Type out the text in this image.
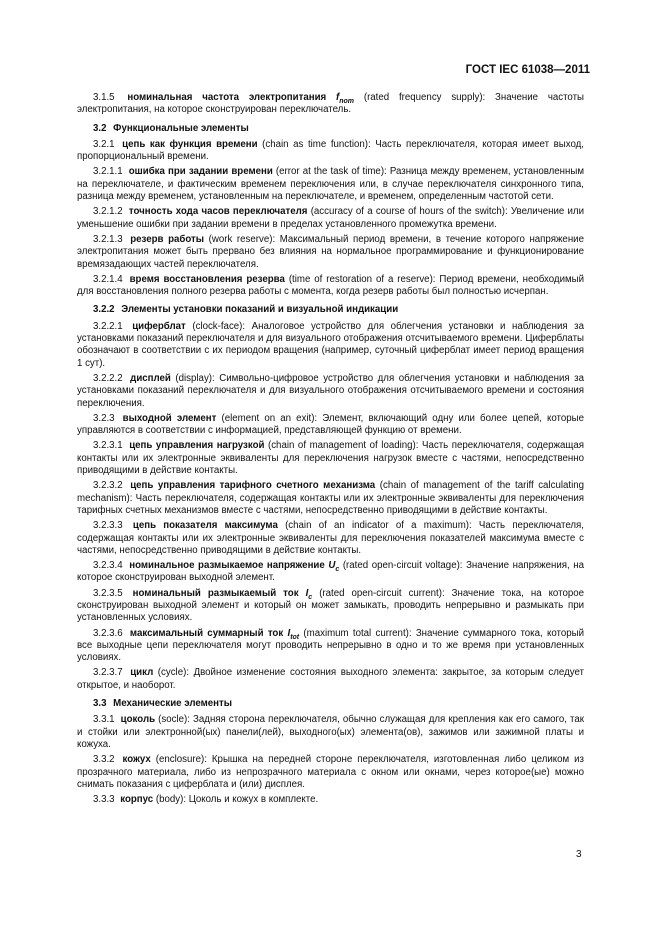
ГОСТ IEC 61038—2011

3.1.5 номинальная частота электропитания $f_{nom}$ (rated frequency supply): Значение частоты электропитания, на которое сконструирован переключатель.

3.2 Функциональные элементы

3.2.1 цепь как функция времени (chain as time function): Часть переключателя, которая имеет выход, пропорциональный времени.

3.2.1.1 ошибка при задании времени (error at the task of time): Разница между временем, установленным на переключателе, и фактическим временем переключения или, в случае переключателя синхронного типа, разница между временем, установленным на переключателе, и временем, определенным частотой сети.

3.2.1.2 точность хода часов переключателя (accuracy of a course of hours of the switch): Увеличение или уменьшение ошибки при задании времени в пределах установленного промежутка времени.

3.2.1.3 резерв работы (work reserve): Максимальный период времени, в течение которого напряжение электропитания может быть прервано без влияния на нормальное программирование и функционирование времязадающих частей переключателя.

3.2.1.4 время восстановления резерва (time of restoration of a reserve): Период времени, необходимый для восстановления полного резерва работы с момента, когда резерв работы был полностью исчерпан.

3.2.2 Элементы установки показаний и визуальной индикации

3.2.2.1 циферблат (clock-face): Аналоговое устройство для облегчения установки и наблюдения за установками показаний переключателя и для визуального отображения отсчитываемого времени. Циферблаты обозначают в соответствии с их периодом вращения (например, суточный циферблат имеет период вращения 1 сут).

3.2.2.2 дисплей (display): Символьно-цифровое устройство для облегчения установки и наблюдения за установками показаний переключателя и для визуального отображения отсчитываемого времени и состояния переключения.

3.2.3 выходной элемент (element on an exit): Элемент, включающий одну или более цепей, которые управляются в соответствии с информацией, представляющей функцию от времени.

3.2.3.1 цепь управления нагрузкой (chain of management of loading): Часть переключателя, содержащая контакты или их электронные эквиваленты для переключения нагрузок вместе с частями, непосредственно приводящими в действие контакты.

3.2.3.2 цепь управления тарифного счетного механизма (chain of management of the tariff calculating mechanism): Часть переключателя, содержащая контакты или их электронные эквиваленты для переключения тарифных счетных механизмов вместе с частями, непосредственно приводящими в действие контакты.

3.2.3.3 цепь показателя максимума (chain of an indicator of a maximum): Часть переключателя, содержащая контакты или их электронные эквиваленты для переключения показателей максимума вместе с частями, непосредственно приводящими в действие контакты.

3.2.3.4 номинальное размыкаемое напряжение $U_c$ (rated open-circuit voltage): Значение напряжения, на которое сконструирован выходной элемент.

3.2.3.5 номинальный размыкаемый ток $I_c$ (rated open-circuit current): Значение тока, на которое сконструирован выходной элемент и который он может замыкать, проводить непрерывно и размыкать при установленных условиях.

3.2.3.6 максимальный суммарный ток $I_{tot}$ (maximum total current): Значение суммарного тока, который все выходные цепи переключателя могут проводить непрерывно в одно и то же время при установленных условиях.

3.2.3.7 цикл (cycle): Двойное изменение состояния выходного элемента: закрытое, за которым следует открытое, и наоборот.

3.3 Механические элементы

3.3.1 цоколь (socle): Задняя сторона переключателя, обычно служащая для крепления как его самого, так и стойки или электронной(ых) панели(лей), выходного(ых) элемента(ов), зажимов или зажимной платы и кожуха.

3.3.2 кожух (enclosure): Крышка на передней стороне переключателя, изготовленная либо целиком из прозрачного материала, либо из непрозрачного материала с окном или окнами, через которое(ые) можно снимать показания с циферблата и (или) дисплея.

3.3.3 корпус (body): Цоколь и кожух в комплекте.

3
